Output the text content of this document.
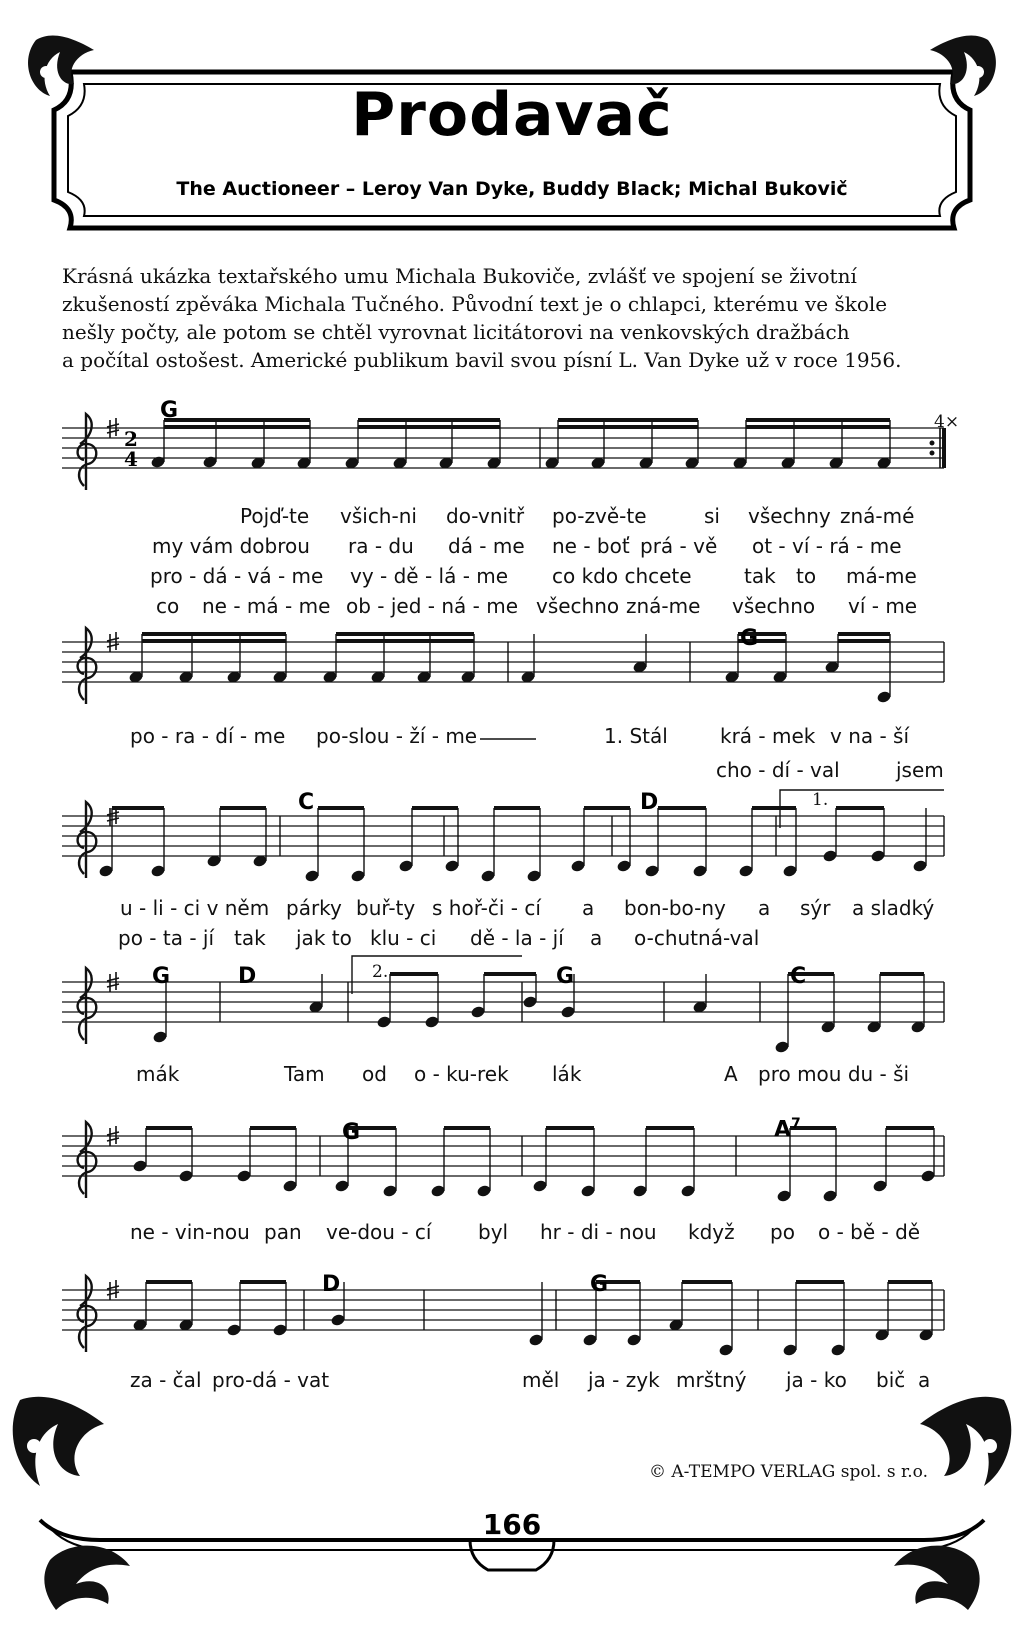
Prodavač
The Auctioneer – Leroy Van Dyke, Buddy Black; Michal Bukovič

Krásná ukázka textařského umu Michala Bukoviče, zvlášť ve spojení se životní

zkušeností zpěváka Michala Tučného. Původní text je o chlapci, kterému ve škole

nešly počty, ale potom se chtěl vyrovnat licitátorovi na venkovských dražbách

a počítal ostošest. Americké publikum bavil svou písní L. Van Dyke už v roce 1956.

2
4
G	4×
G
C	D	1.
G	D	2.	G	C
G	$A^7$
D	G
Pojď-te všich-ni do-vnitř po-zvě-te	si všechny zná-mé
my vám dobrou ra - du dá - me ne - boť prá - vě ot - ví - rá - me
pro - dá - vá - me vy - dě - lá - me co kdo chcete	tak to má-me
co ne - má - me ob - jed - ná - me všechno zná-me všechno ví - me
po - ra - dí - me po-slou - ží - me	1. Stál	krá - mek v na - ší
cho - dí - val	jsem
u - li - ci v něm párky buř-ty s hoř-či - cí a bon-bo-ny a sýr a sladký
po - ta - jí tak jak to klu - ci dě - la - jí a o-chutná-val
mák	Tam od o - ku-rek lák	A pro mou du - ši
ne - vin-nou pan ve-dou - cí byl hr - di - nou když po o - bě - dě
za - čal pro-dá - vat	měl ja - zyk mrštný ja - ko bič a
© A-TEMPO VERLAG spol. s r.o.
166
